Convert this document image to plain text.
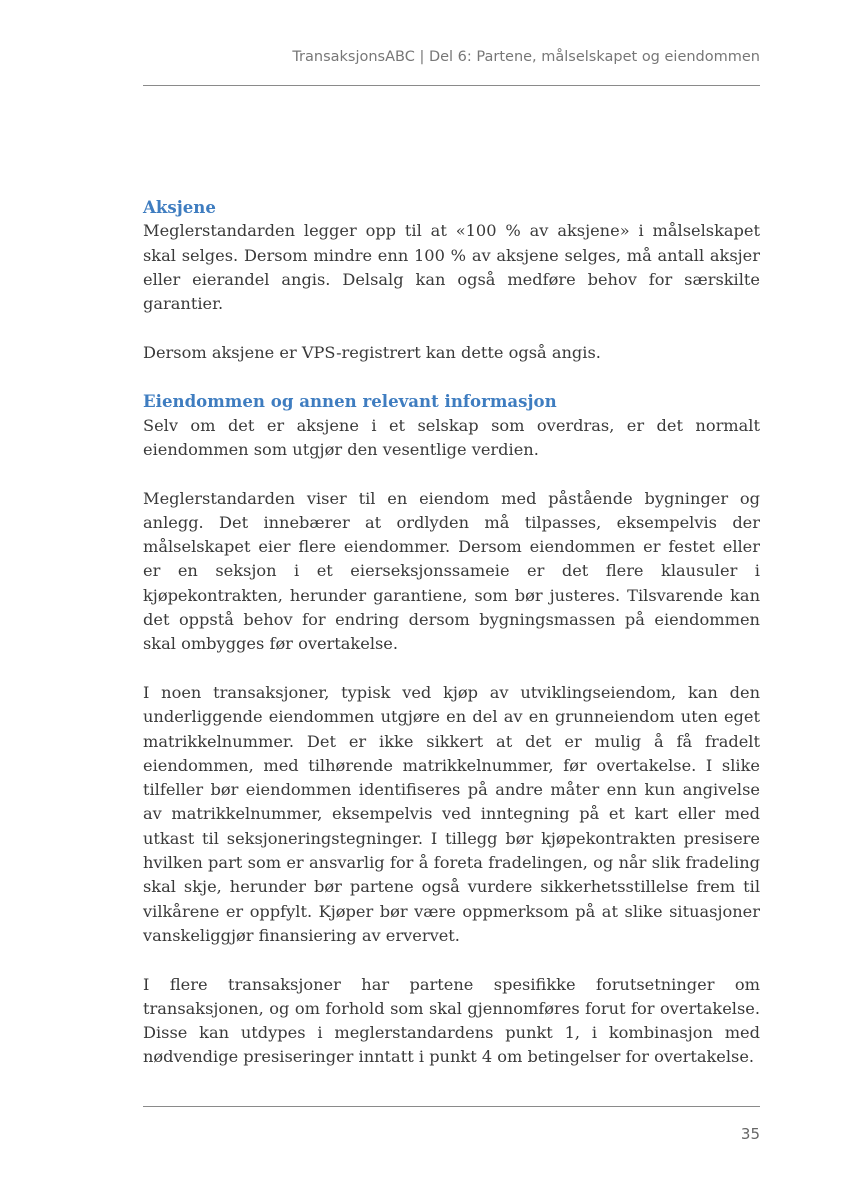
TransaksjonsABC | Del 6: Partene, målselskapet og eiendommen
Aksjene

Meglerstandarden legger opp til at «100 % av aksjene» i målselskapet skal selges. Dersom mindre enn 100 % av aksjene selges, må antall aksjer eller eierandel angis. Delsalg kan også medføre behov for særskilte garantier.

Dersom aksjene er VPS-registrert kan dette også angis.

Eiendommen og annen relevant informasjon

Selv om det er aksjene i et selskap som overdras, er det normalt eiendommen som utgjør den vesentlige verdien.

Meglerstandarden viser til en eiendom med påstående bygninger og anlegg. Det innebærer at ordlyden må tilpasses, eksempelvis der målselskapet eier flere eiendommer. Dersom eiendommen er festet eller er en seksjon i et eierseksjonssameie er det flere klausuler i kjøpekontrakten, herunder garantiene, som bør justeres. Tilsvarende kan det oppstå behov for endring dersom bygningsmassen på eiendommen skal ombygges før overtakelse.

I noen transaksjoner, typisk ved kjøp av utviklingseiendom, kan den underliggende eiendommen utgjøre en del av en grunneiendom uten eget matrikkelnummer. Det er ikke sikkert at det er mulig å få fradelt eiendommen, med tilhørende matrikkelnummer, før overtakelse. I slike tilfeller bør eiendommen identifiseres på andre måter enn kun angivelse av matrikkelnummer, eksempelvis ved inntegning på et kart eller med utkast til seksjoneringstegninger. I tillegg bør kjøpekontrakten presisere hvilken part som er ansvarlig for å foreta fradelingen, og når slik fradeling skal skje, herunder bør partene også vurdere sikkerhetsstillelse frem til vilkårene er oppfylt. Kjøper bør være oppmerksom på at slike situasjoner vanskeliggjør finansiering av ervervet.

I flere transaksjoner har partene spesifikke forutsetninger om transaksjonen, og om forhold som skal gjennomføres forut for overtakelse. Disse kan utdypes i meglerstandardens punkt 1, i kombinasjon med nødvendige presiseringer inntatt i punkt 4 om betingelser for overtakelse.

35
